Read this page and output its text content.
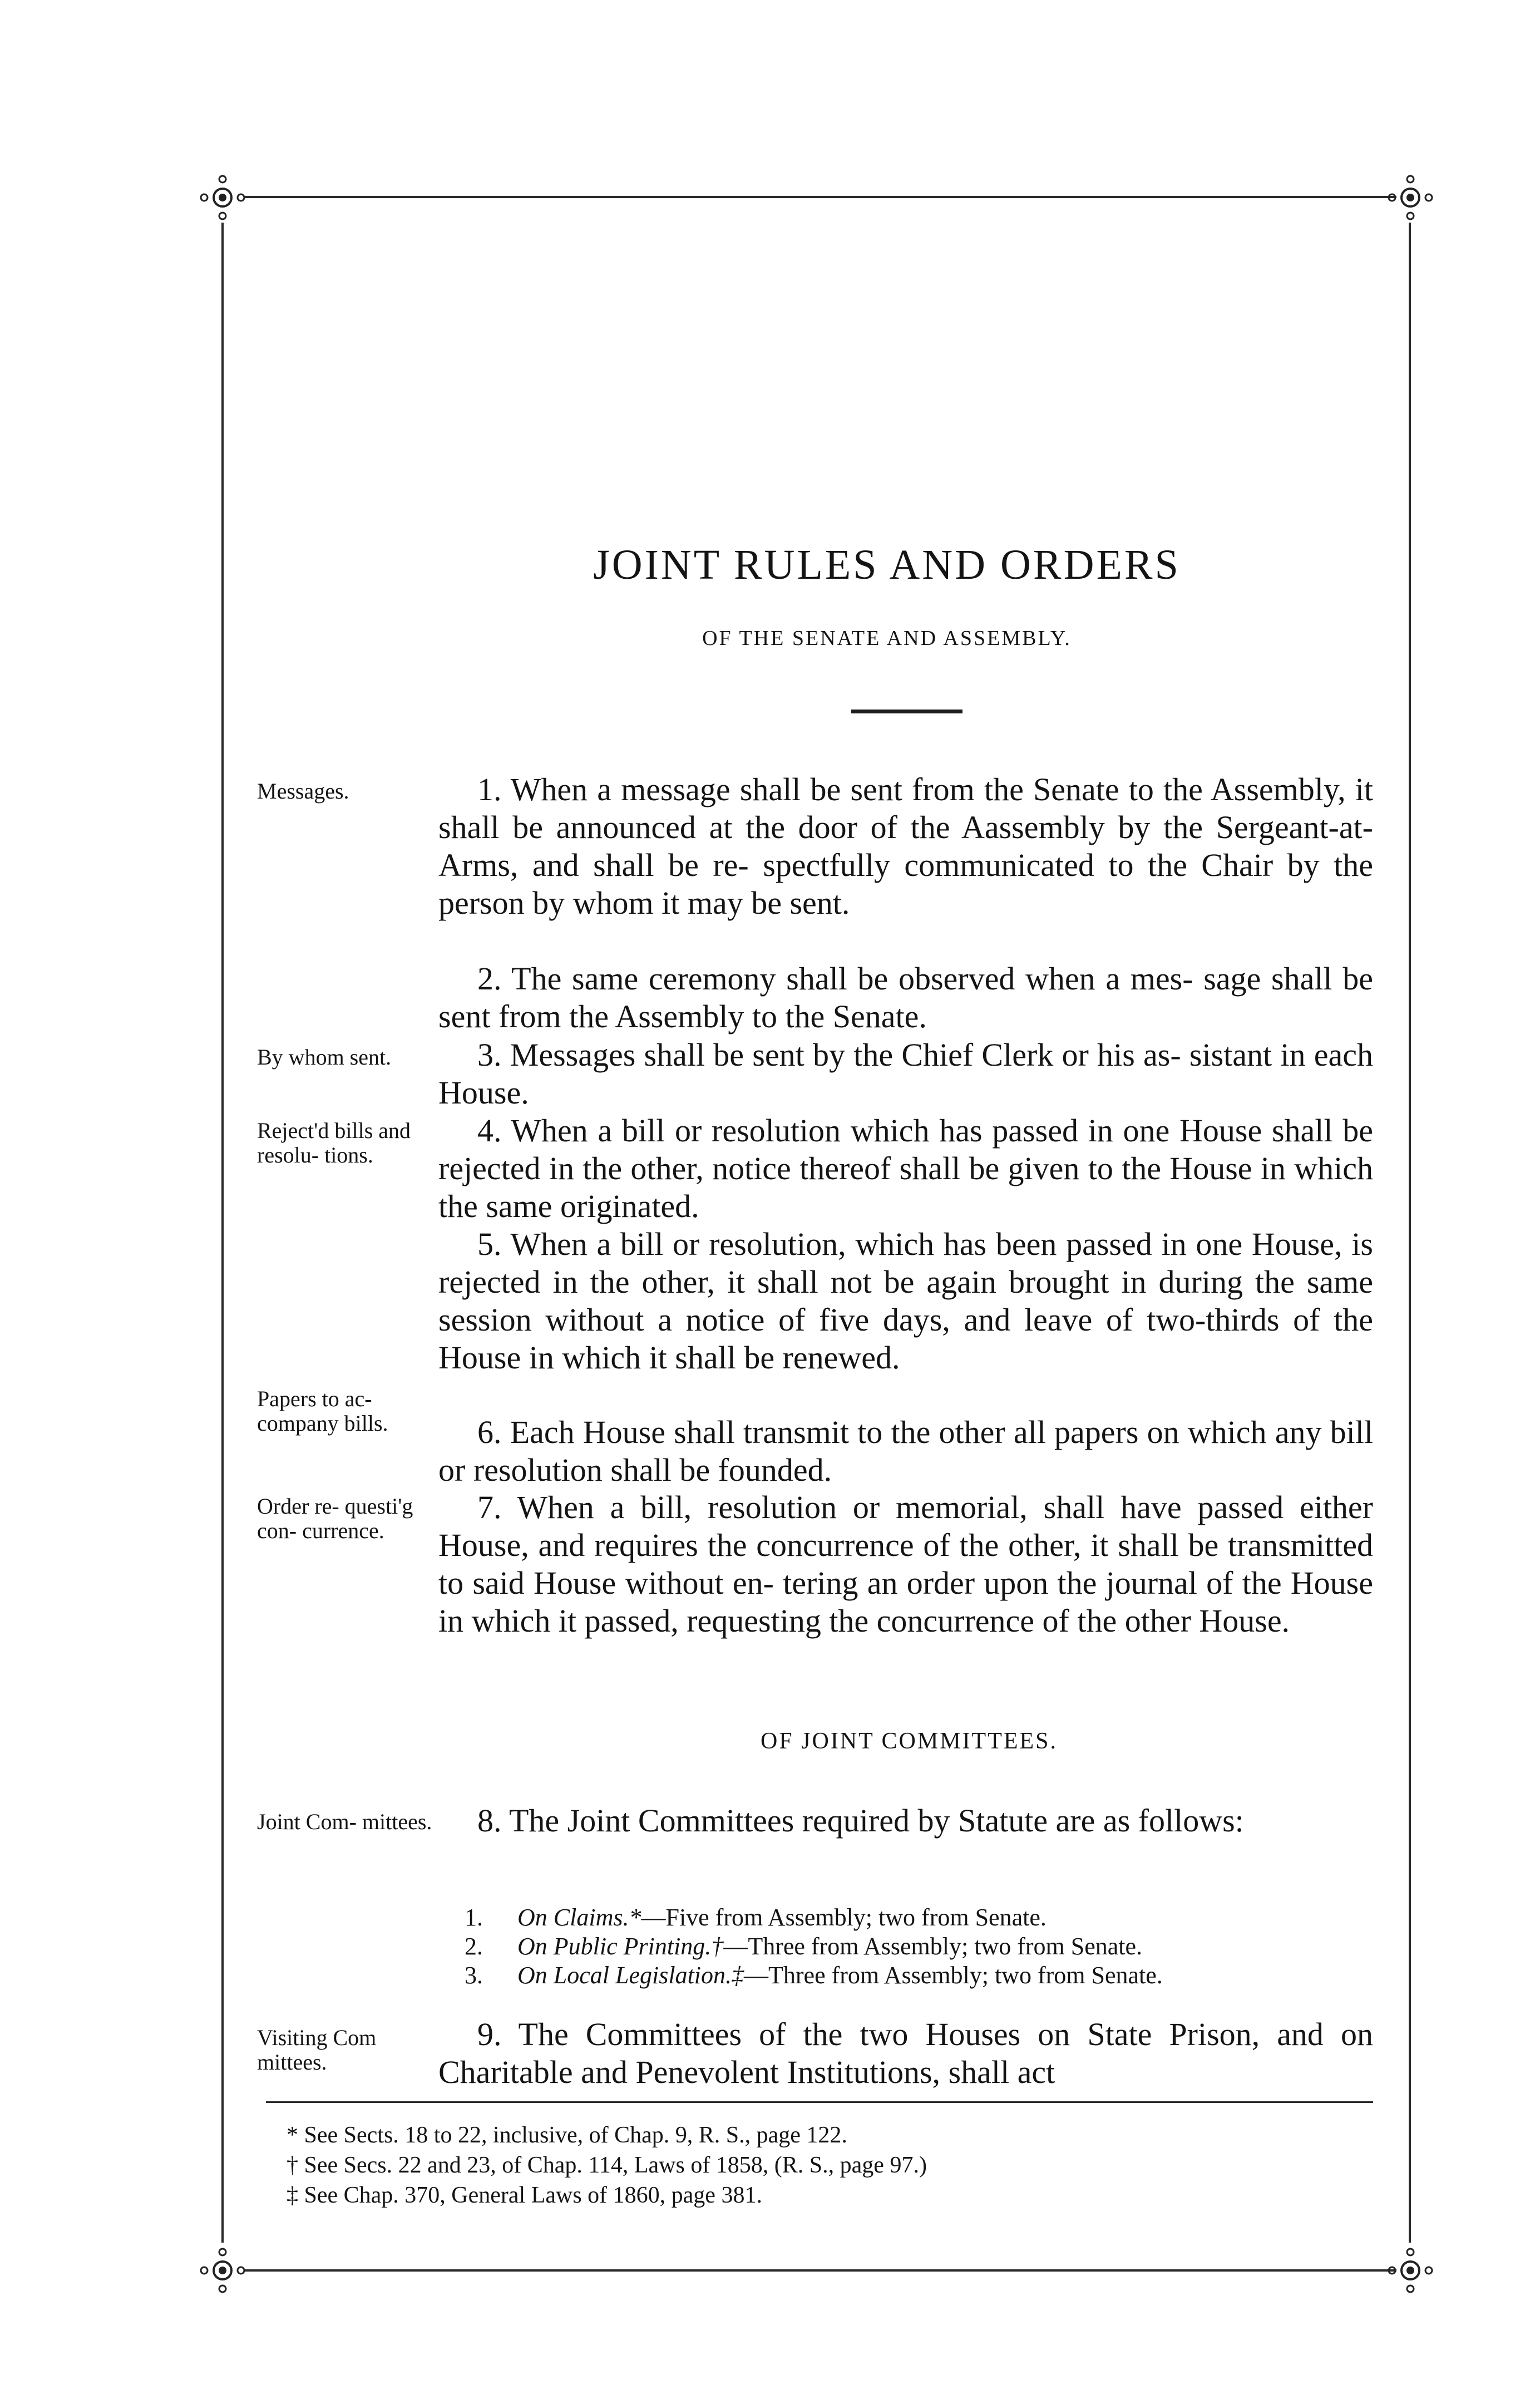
JOINT RULES AND ORDERS
OF THE SENATE AND ASSEMBLY.
Messages.
By whom sent.
Reject'd bills and resolu- tions.
Papers to ac- company bills.
Order re- questi'g con- currence.
Joint Com- mittees.
Visiting Com mittees.
1. When a message shall be sent from the Senate to the Assembly, it shall be announced at the door of the Aassembly by the Sergeant-at-Arms, and shall be re- spectfully communicated to the Chair by the person by whom it may be sent.
2. The same ceremony shall be observed when a mes- sage shall be sent from the Assembly to the Senate.
3. Messages shall be sent by the Chief Clerk or his as- sistant in each House.
4. When a bill or resolution which has passed in one House shall be rejected in the other, notice thereof shall be given to the House in which the same originated.
5. When a bill or resolution, which has been passed in one House, is rejected in the other, it shall not be again brought in during the same session without a notice of five days, and leave of two-thirds of the House in which it shall be renewed.
6. Each House shall transmit to the other all papers on which any bill or resolution shall be founded.
7. When a bill, resolution or memorial, shall have passed either House, and requires the concurrence of the other, it shall be transmitted to said House without en- tering an order upon the journal of the House in which it passed, requesting the concurrence of the other House.
OF JOINT COMMITTEES.
8. The Joint Committees required by Statute are as follows:
1. On Claims.*—Five from Assembly; two from Senate.
2. On Public Printing.†—Three from Assembly; two from Senate.
3. On Local Legislation.‡—Three from Assembly; two from Senate.
9. The Committees of the two Houses on State Prison, and on Charitable and Penevolent Institutions, shall act
* See Sects. 18 to 22, inclusive, of Chap. 9, R. S., page 122.
† See Secs. 22 and 23, of Chap. 114, Laws of 1858, (R. S., page 97.)
‡ See Chap. 370, General Laws of 1860, page 381.
